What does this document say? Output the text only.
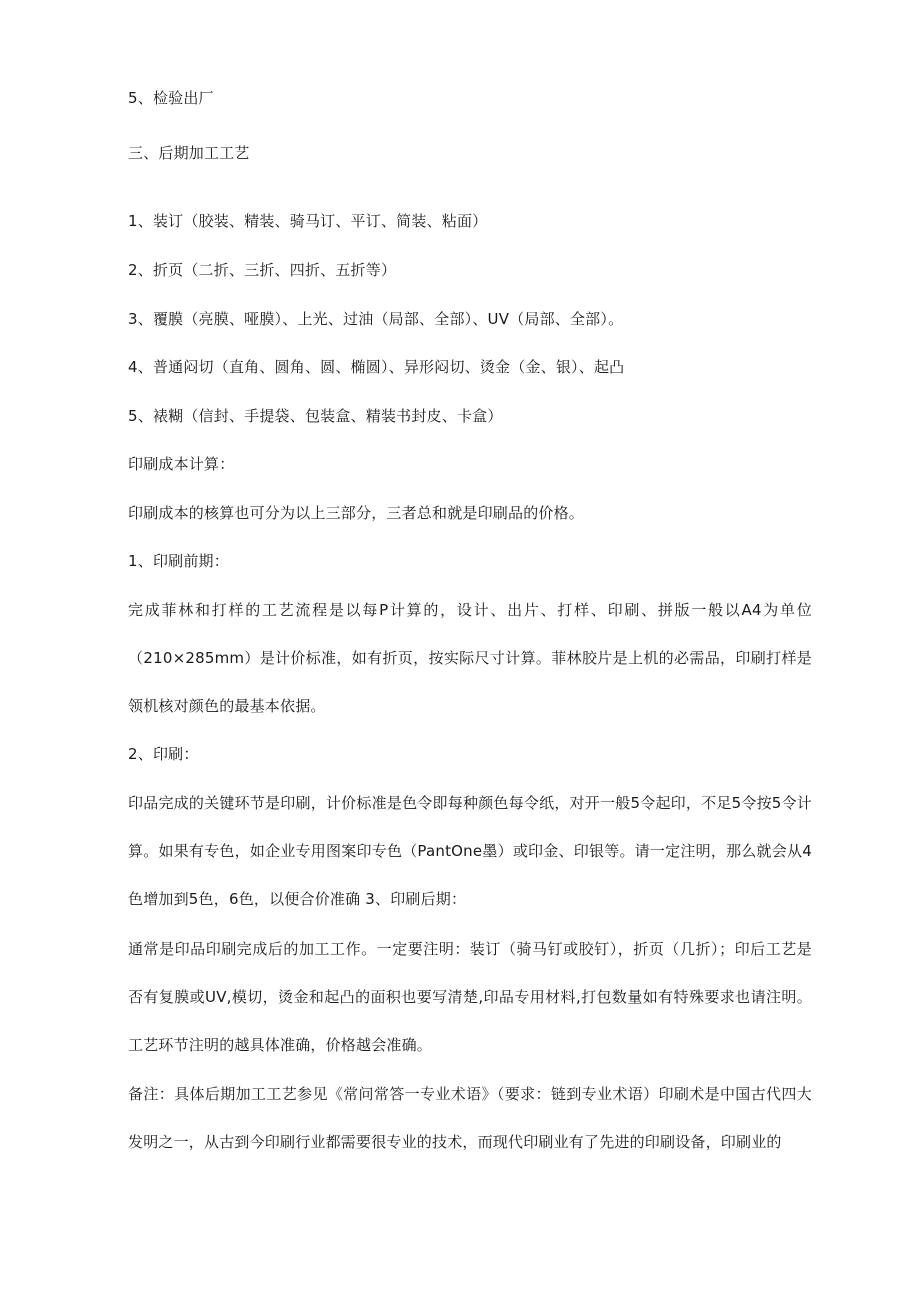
5、检验出厂
三、后期加工工艺
1、装订（胶装、精装、骑马订、平订、简装、粘面）
2、折页（二折、三折、四折、五折等）
3、覆膜（亮膜、哑膜）、上光、过油（局部、全部）、UV（局部、全部）。
4、普通闷切（直角、圆角、圆、椭圆）、异形闷切、烫金（金、银）、起凸
5、裱糊（信封、手提袋、包装盒、精装书封皮、卡盒）
印刷成本计算：
印刷成本的核算也可分为以上三部分，三者总和就是印刷品的价格。
1、印刷前期：
完成菲林和打样的工艺流程是以每P计算的，设计、出片、打样、印刷、拼版一般以A4为单位（210×285mm）是计价标准，如有折页，按实际尺寸计算。菲林胶片是上机的必需品，印刷打样是领机核对颜色的最基本依据。
2、印刷：
印品完成的关键环节是印刷，计价标准是色令即每种颜色每令纸，对开一般5令起印，不足5令按5令计算。如果有专色，如企业专用图案印专色（PantOne墨）或印金、印银等。请一定注明，那么就会从4色增加到5色，6色，以便合价准确 3、印刷后期：
通常是印品印刷完成后的加工工作。一定要注明：装订（骑马钉或胶钉），折页（几折）；印后工艺是否有复膜或UV,模切，烫金和起凸的面积也要写清楚,印品专用材料,打包数量如有特殊要求也请注明。工艺环节注明的越具体准确，价格越会准确。
备注：具体后期加工工艺参见《常问常答一专业术语》（要求：链到专业术语）印刷术是中国古代四大发明之一，从古到今印刷行业都需要很专业的技术，而现代印刷业有了先进的印刷设备，印刷业的
